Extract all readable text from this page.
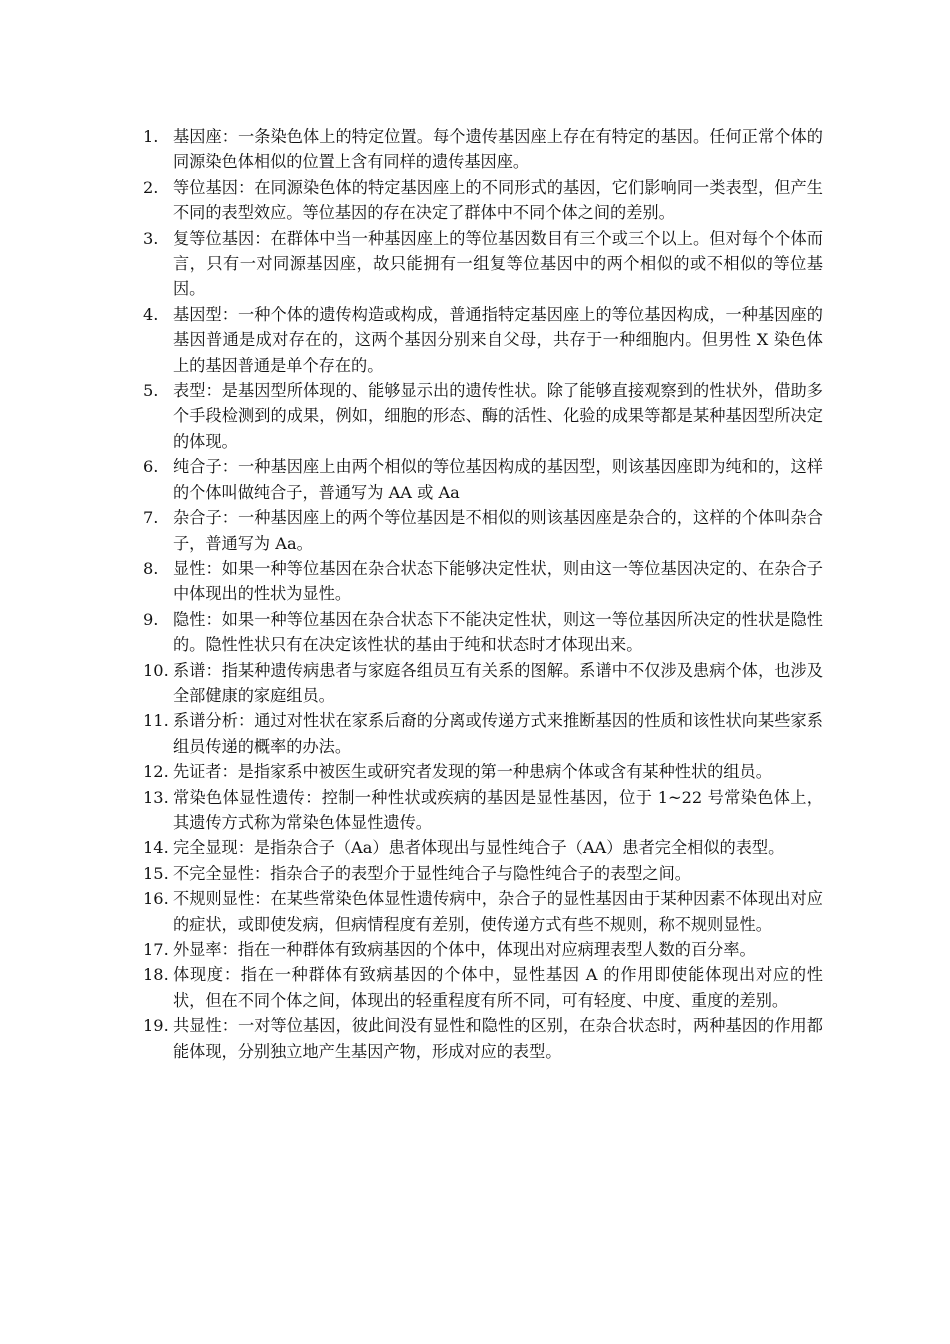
1. 基因座：一条染色体上的特定位置。每个遗传基因座上存在有特定的基因。任何正常个体的同源染色体相似的位置上含有同样的遗传基因座。
2. 等位基因：在同源染色体的特定基因座上的不同形式的基因，它们影响同一类表型，但产生不同的表型效应。等位基因的存在决定了群体中不同个体之间的差别。
3. 复等位基因：在群体中当一种基因座上的等位基因数目有三个或三个以上。但对每个个体而言，只有一对同源基因座，故只能拥有一组复等位基因中的两个相似的或不相似的等位基因。
4. 基因型：一种个体的遗传构造或构成，普通指特定基因座上的等位基因构成，一种基因座的基因普通是成对存在的，这两个基因分别来自父母，共存于一种细胞内。但男性 X 染色体上的基因普通是单个存在的。
5. 表型：是基因型所体现的、能够显示出的遗传性状。除了能够直接观察到的性状外，借助多个手段检测到的成果，例如，细胞的形态、酶的活性、化验的成果等都是某种基因型所决定的体现。
6. 纯合子：一种基因座上由两个相似的等位基因构成的基因型，则该基因座即为纯和的，这样的个体叫做纯合子，普通写为 AA 或 Aa
7. 杂合子：一种基因座上的两个等位基因是不相似的则该基因座是杂合的，这样的个体叫杂合子，普通写为 Aa。
8. 显性：如果一种等位基因在杂合状态下能够决定性状，则由这一等位基因决定的、在杂合子中体现出的性状为显性。
9. 隐性：如果一种等位基因在杂合状态下不能决定性状，则这一等位基因所决定的性状是隐性的。隐性性状只有在决定该性状的基由于纯和状态时才体现出来。
10. 系谱：指某种遗传病患者与家庭各组员互有关系的图解。系谱中不仅涉及患病个体，也涉及全部健康的家庭组员。
11. 系谱分析：通过对性状在家系后裔的分离或传递方式来推断基因的性质和该性状向某些家系组员传递的概率的办法。
12. 先证者：是指家系中被医生或研究者发现的第一种患病个体或含有某种性状的组员。
13. 常染色体显性遗传：控制一种性状或疾病的基因是显性基因，位于 1~22 号常染色体上，其遗传方式称为常染色体显性遗传。
14. 完全显现：是指杂合子（Aa）患者体现出与显性纯合子（AA）患者完全相似的表型。
15. 不完全显性：指杂合子的表型介于显性纯合子与隐性纯合子的表型之间。
16. 不规则显性：在某些常染色体显性遗传病中，杂合子的显性基因由于某种因素不体现出对应的症状，或即使发病，但病情程度有差别，使传递方式有些不规则，称不规则显性。
17. 外显率：指在一种群体有致病基因的个体中，体现出对应病理表型人数的百分率。
18. 体现度：指在一种群体有致病基因的个体中，显性基因 A 的作用即使能体现出对应的性状，但在不同个体之间，体现出的轻重程度有所不同，可有轻度、中度、重度的差别。
19. 共显性：一对等位基因，彼此间没有显性和隐性的区别，在杂合状态时，两种基因的作用都能体现，分别独立地产生基因产物，形成对应的表型。
